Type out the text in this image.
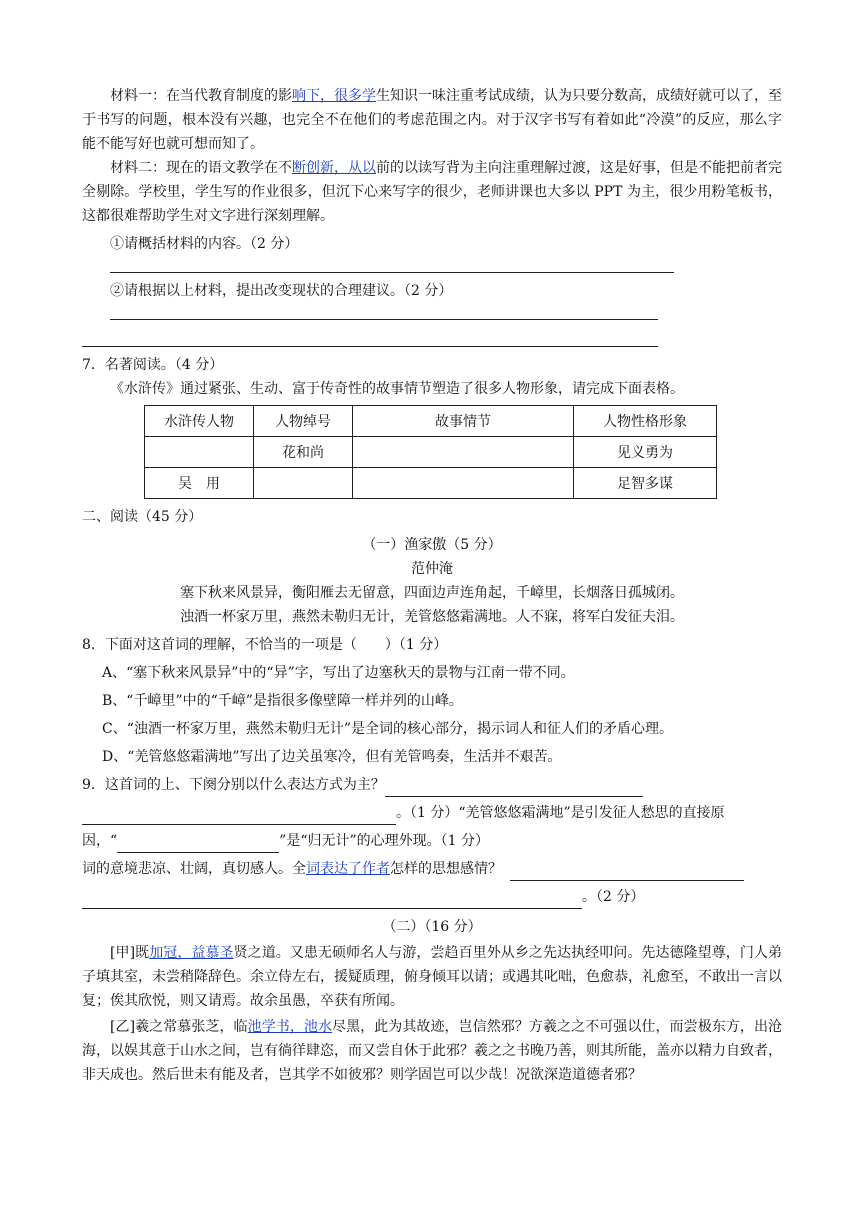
材料一：在当代教育制度的影响下，很多学生知识一味注重考试成绩，认为只要分数高，成绩好就可以了，至于书写的问题，根本没有兴趣，也完全不在他们的考虑范围之内。对于汉字书写有着如此“冷漠”的反应，那么字能不能写好也就可想而知了。

材料二：现在的语文教学在不断创新，从以前的以读写背为主向注重理解过渡，这是好事，但是不能把前者完全剔除。学校里，学生写的作业很多，但沉下心来写字的很少，老师讲课也大多以 PPT 为主，很少用粉笔板书，这都很难帮助学生对文字进行深刻理解。

①请概括材料的内容。（2 分）

②请根据以上材料，提出改变现状的合理建议。（2 分）

7．名著阅读。（4 分）

《水浒传》通过紧张、生动、富于传奇性的故事情节塑造了很多人物形象，请完成下面表格。

水浒传人物	人物绰号	故事情节	人物性格形象
	花和尚		见义勇为
吴　用			足智多谋

二、阅读（45 分）

（一）渔家傲（5 分）

范仲淹

塞下秋来风景异，衡阳雁去无留意，四面边声连角起，千嶂里，长烟落日孤城闭。

浊酒一杯家万里，燕然未勒归无计，羌管悠悠霜满地。人不寐，将军白发征夫泪。

8．下面对这首词的理解，不恰当的一项是（　　）（1 分）

A、“塞下秋来风景异”中的“异”字，写出了边塞秋天的景物与江南一带不同。

B、“千嶂里”中的“千嶂”是指很多像壁障一样并列的山峰。

C、“浊酒一杯家万里，燕然未勒归无计”是全词的核心部分，揭示词人和征人们的矛盾心理。

D、“羌管悠悠霜满地”写出了边关虽寒冷，但有羌管鸣奏，生活并不艰苦。

9．这首词的上、下阕分别以什么表达方式为主？

。（1 分）“羌管悠悠霜满地”是引发征人愁思的直接原

因，“	”是“归无计”的心理外现。（1 分）

词的意境悲凉、壮阔，真切感人。全词表达了作者怎样的思想感情？

。（2 分）

（二）（16 分）

[甲]既加冠，益慕圣贤之道。又患无硕师名人与游，尝趋百里外从乡之先达执经叩问。先达德隆望尊，门人弟子填其室，未尝稍降辞色。余立侍左右，援疑质理，俯身倾耳以请；或遇其叱咄，色愈恭，礼愈至，不敢出一言以复；俟其欣悦，则又请焉。故余虽愚，卒获有所闻。

[乙]羲之常慕张芝，临池学书，池水尽黑，此为其故迹，岂信然邪？方羲之之不可强以仕，而尝极东方，出沧海，以娱其意于山水之间，岂有徜徉肆恣，而又尝自休于此邪？羲之之书晚乃善，则其所能，盖亦以精力自致者，非天成也。然后世未有能及者，岂其学不如彼邪？则学固岂可以少哉！况欲深造道德者邪？
